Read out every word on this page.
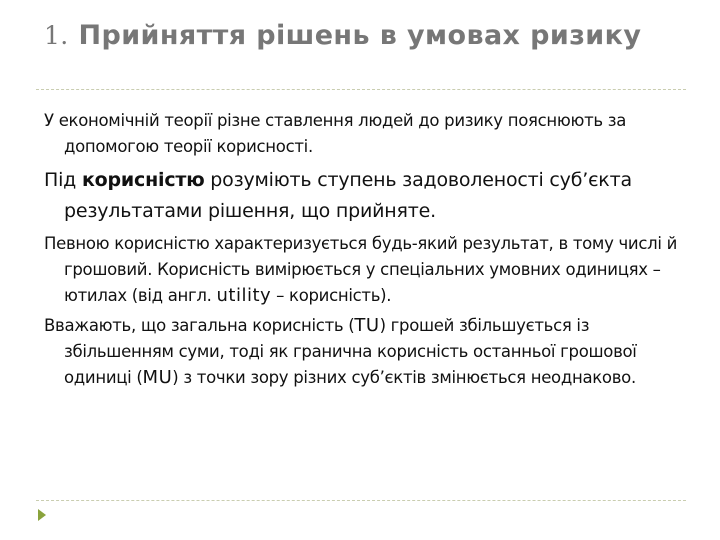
1. Прийняття рішень в умовах ризику

У економічній теорії різне ставлення людей до ризику пояснюють за допомогою теорії корисності.

Під корисністю розуміють ступень задоволеності суб’єкта результатами рішення, що прийняте.

Певною корисністю характеризується будь-який результат, в тому числі й грошовий. Корисність вимірюється у спеціальних умовних одиницях – ютилах (від англ. utility – корисність).

Вважають, що загальна корисність (TU) грошей збільшується із збільшенням суми, тоді як гранична корисність останньої грошової одиниці (MU) з точки зору різних суб’єктів змінюється неоднаково.
